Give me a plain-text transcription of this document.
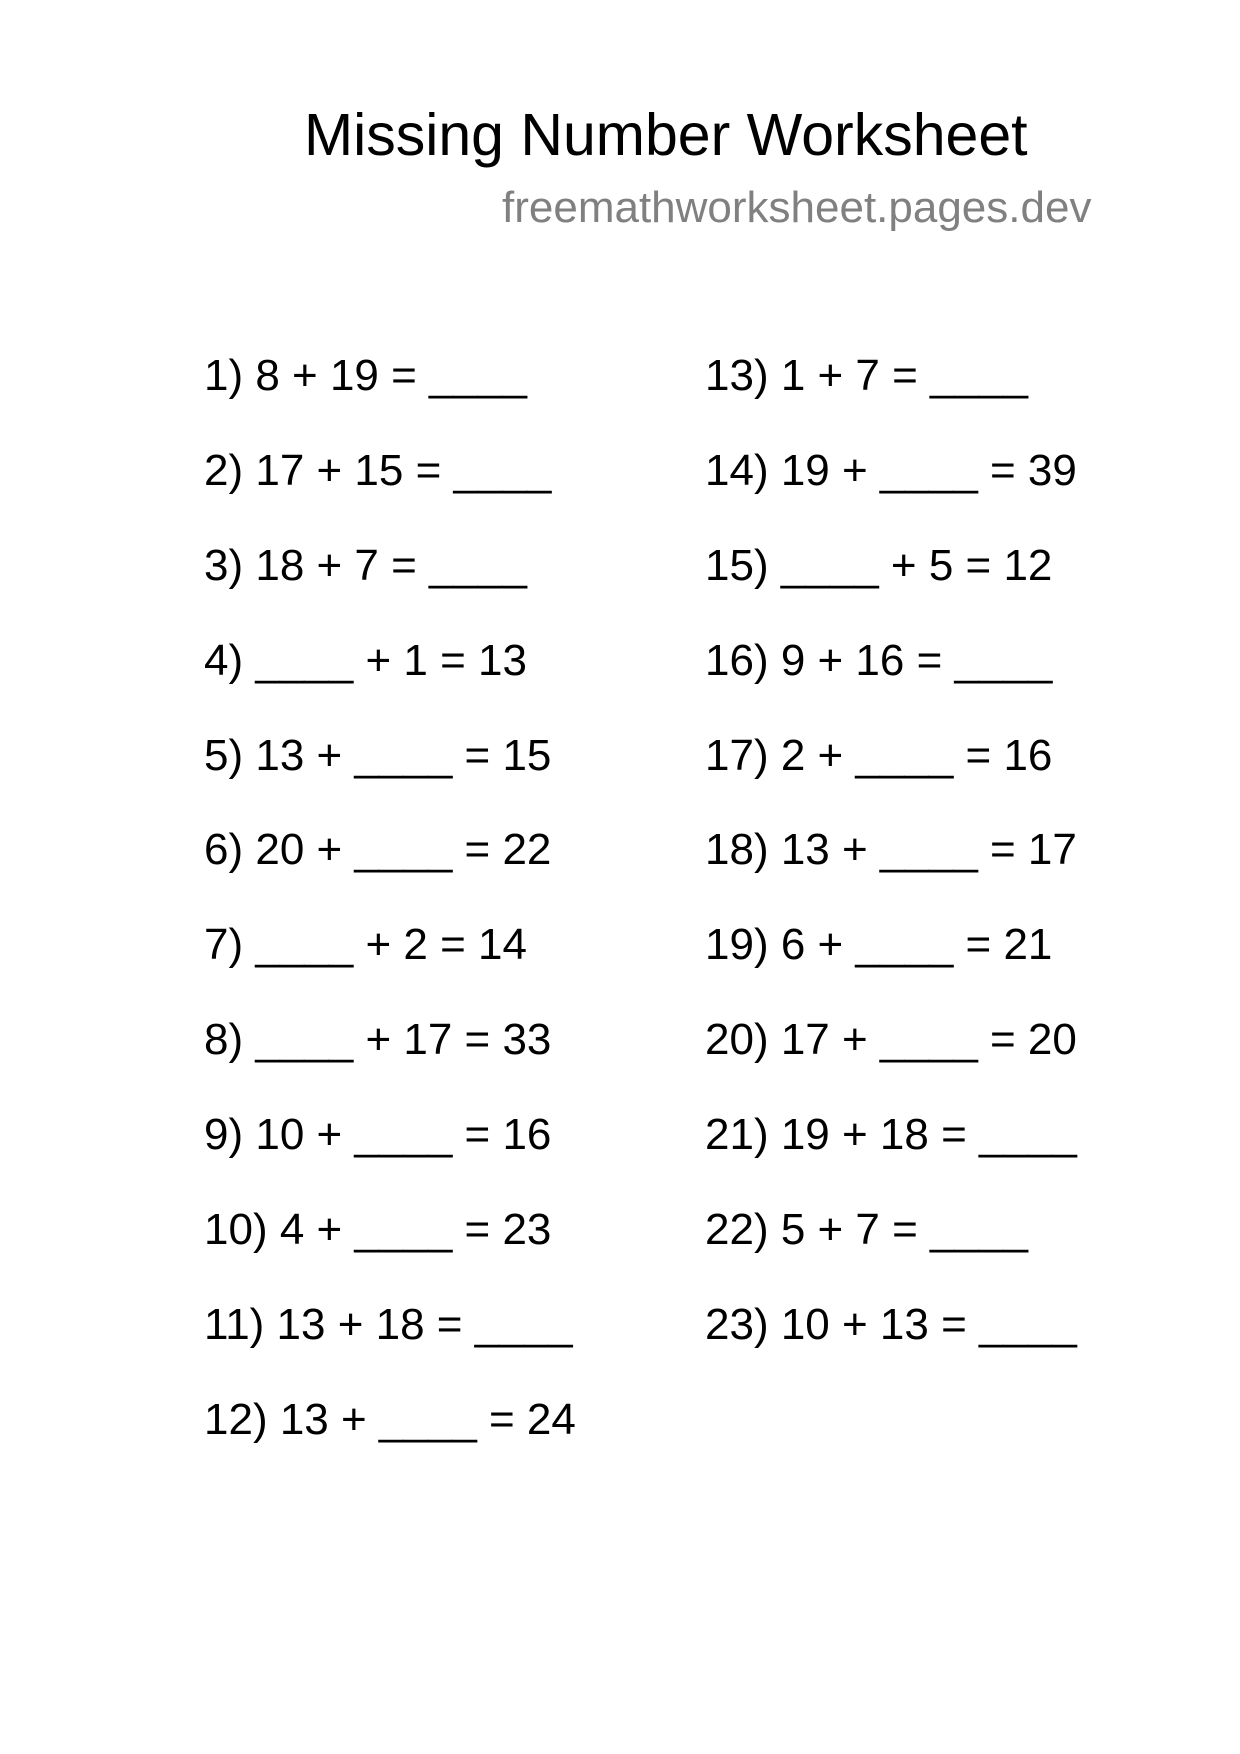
Missing Number Worksheet
freemathworksheet.pages.dev
1) 8 + 19 = ____
2) 17 + 15 = ____
3) 18 + 7 = ____
4) ____ + 1 = 13
5) 13 + ____ = 15
6) 20 + ____ = 22
7) ____ + 2 = 14
8) ____ + 17 = 33
9) 10 + ____ = 16
10) 4 + ____ = 23
11) 13 + 18 = ____
12) 13 + ____ = 24
13) 1 + 7 = ____
14) 19 + ____ = 39
15) ____ + 5 = 12
16) 9 + 16 = ____
17) 2 + ____ = 16
18) 13 + ____ = 17
19) 6 + ____ = 21
20) 17 + ____ = 20
21) 19 + 18 = ____
22) 5 + 7 = ____
23) 10 + 13 = ____
